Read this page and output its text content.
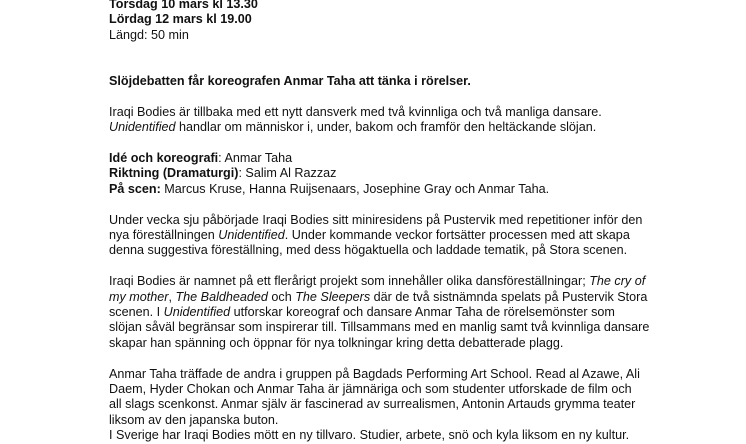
Torsdag 10 mars kl 13.30
Lördag 12 mars kl 19.00
Längd: 50 min
Slöjdebatten får koreografen Anmar Taha att tänka i rörelser.
Iraqi Bodies är tillbaka med ett nytt dansverk med två kvinnliga och två manliga dansare.
Unidentified handlar om människor i, under, bakom och framför den heltäckande slöjan.
Idé och koreografi: Anmar Taha
Riktning (Dramaturgi): Salim Al Razzaz
På scen: Marcus Kruse, Hanna Ruijsenaars, Josephine Gray och Anmar Taha.
Under vecka sju påbörjade Iraqi Bodies sitt miniresidens på Pustervik med repetitioner inför den
nya föreställningen Unidentified. Under kommande veckor fortsätter processen med att skapa
denna suggestiva föreställning, med dess högaktuella och laddade tematik, på Stora scenen.
Iraqi Bodies är namnet på ett flerårigt projekt som innehåller olika dansföreställningar; The cry of
my mother, The Baldheaded och The Sleepers där de två sistnämnda spelats på Pustervik Stora
scenen. I Unidentified utforskar koreograf och dansare Anmar Taha de rörelsemönster som
slöjan såväl begränsar som inspirerar till. Tillsammans med en manlig samt två kvinnliga dansare
skapar han spänning och öppnar för nya tolkningar kring detta debatterade plagg.
Anmar Taha träffade de andra i gruppen på Bagdads Performing Art School. Read al Azawe, Ali
Daem, Hyder Chokan och Anmar Taha är jämnäriga och som studenter utforskade de film och
all slags scenkonst. Anmar själv är fascinerad av surrealismen, Antonin Artauds grymma teater
liksom av den japanska buton.
I Sverige har Iraqi Bodies mött en ny tillvaro. Studier, arbete, snö och kyla liksom en ny kultur.
